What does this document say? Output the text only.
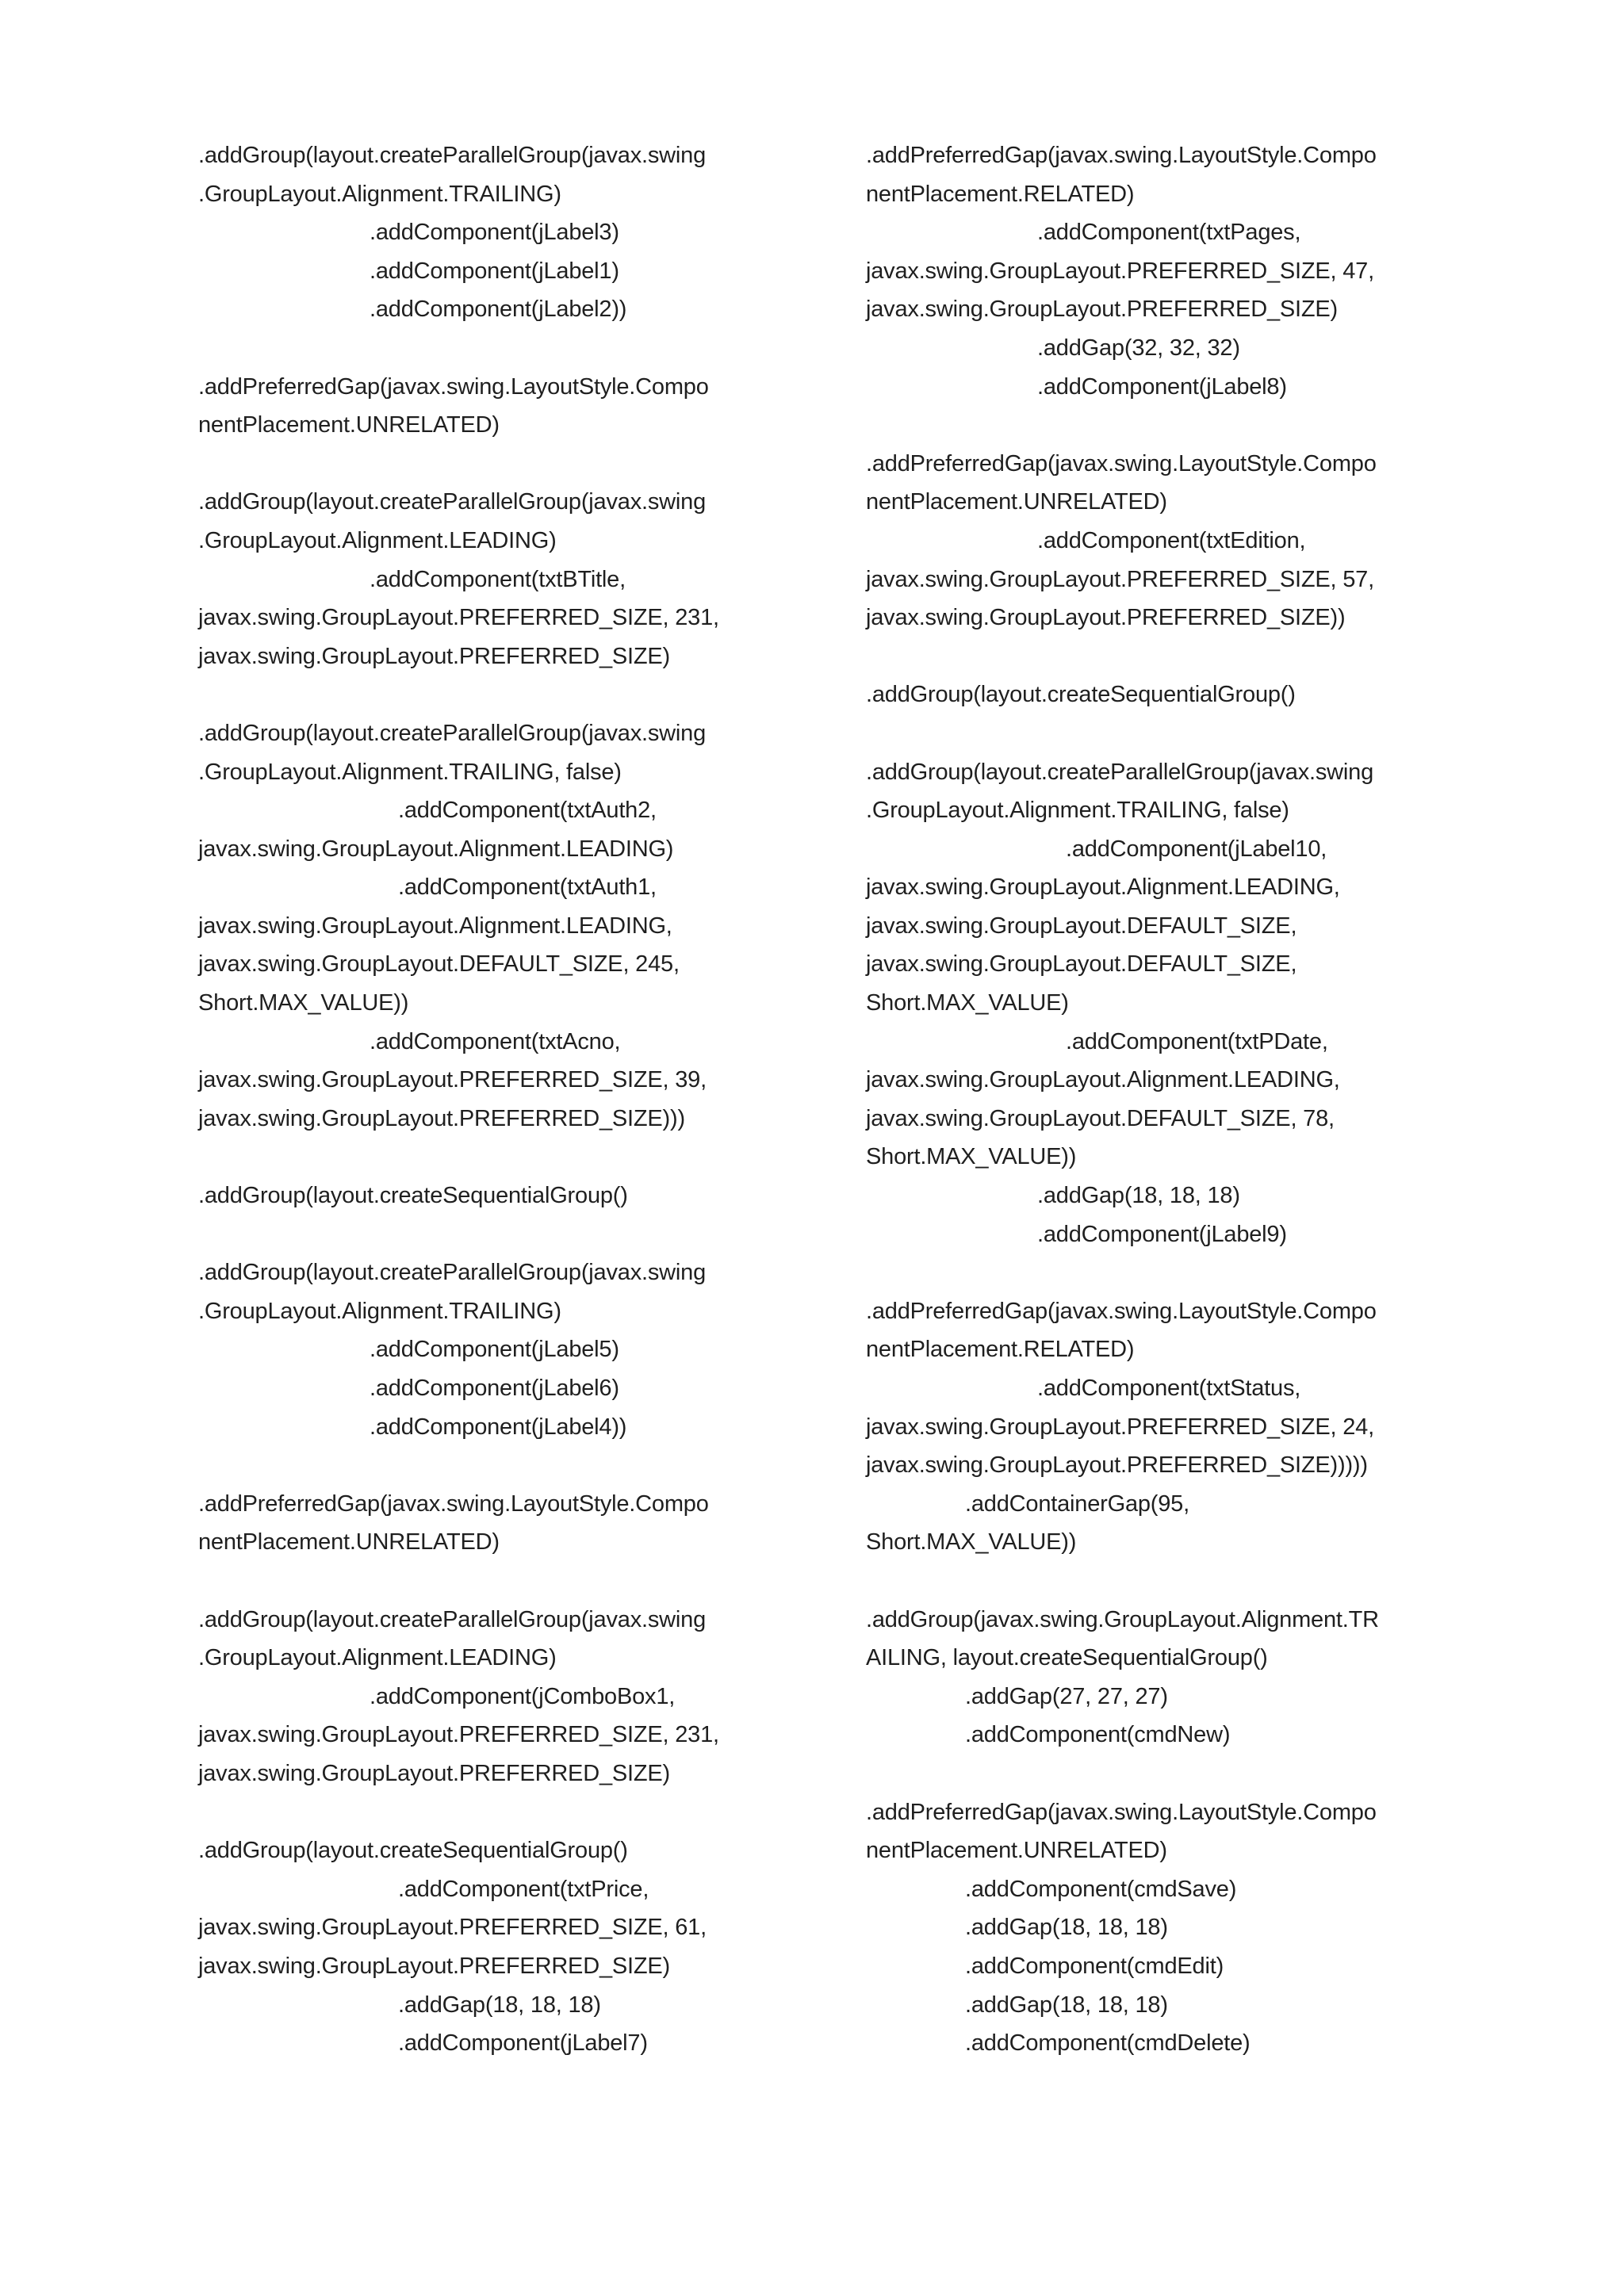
.addGroup(layout.createParallelGroup(javax.swing
.GroupLayout.Alignment.TRAILING)
.addComponent(jLabel3)
.addComponent(jLabel1)
.addComponent(jLabel2))
.addPreferredGap(javax.swing.LayoutStyle.Compo
nentPlacement.UNRELATED)
.addGroup(layout.createParallelGroup(javax.swing
.GroupLayout.Alignment.LEADING)
.addComponent(txtBTitle,
javax.swing.GroupLayout.PREFERRED_SIZE, 231,
javax.swing.GroupLayout.PREFERRED_SIZE)
.addGroup(layout.createParallelGroup(javax.swing
.GroupLayout.Alignment.TRAILING, false)
.addComponent(txtAuth2,
javax.swing.GroupLayout.Alignment.LEADING)
.addComponent(txtAuth1,
javax.swing.GroupLayout.Alignment.LEADING,
javax.swing.GroupLayout.DEFAULT_SIZE, 245,
Short.MAX_VALUE))
.addComponent(txtAcno,
javax.swing.GroupLayout.PREFERRED_SIZE, 39,
javax.swing.GroupLayout.PREFERRED_SIZE)))
.addGroup(layout.createSequentialGroup()
.addGroup(layout.createParallelGroup(javax.swing
.GroupLayout.Alignment.TRAILING)
.addComponent(jLabel5)
.addComponent(jLabel6)
.addComponent(jLabel4))
.addPreferredGap(javax.swing.LayoutStyle.Compo
nentPlacement.UNRELATED)
.addGroup(layout.createParallelGroup(javax.swing
.GroupLayout.Alignment.LEADING)
.addComponent(jComboBox1,
javax.swing.GroupLayout.PREFERRED_SIZE, 231,
javax.swing.GroupLayout.PREFERRED_SIZE)
.addGroup(layout.createSequentialGroup()
.addComponent(txtPrice,
javax.swing.GroupLayout.PREFERRED_SIZE, 61,
javax.swing.GroupLayout.PREFERRED_SIZE)
.addGap(18, 18, 18)
.addComponent(jLabel7)
.addPreferredGap(javax.swing.LayoutStyle.Compo
nentPlacement.RELATED)
.addComponent(txtPages,
javax.swing.GroupLayout.PREFERRED_SIZE, 47,
javax.swing.GroupLayout.PREFERRED_SIZE)
.addGap(32, 32, 32)
.addComponent(jLabel8)
.addPreferredGap(javax.swing.LayoutStyle.Compo
nentPlacement.UNRELATED)
.addComponent(txtEdition,
javax.swing.GroupLayout.PREFERRED_SIZE, 57,
javax.swing.GroupLayout.PREFERRED_SIZE))
.addGroup(layout.createSequentialGroup()
.addGroup(layout.createParallelGroup(javax.swing
.GroupLayout.Alignment.TRAILING, false)
.addComponent(jLabel10,
javax.swing.GroupLayout.Alignment.LEADING,
javax.swing.GroupLayout.DEFAULT_SIZE,
javax.swing.GroupLayout.DEFAULT_SIZE,
Short.MAX_VALUE)
.addComponent(txtPDate,
javax.swing.GroupLayout.Alignment.LEADING,
javax.swing.GroupLayout.DEFAULT_SIZE, 78,
Short.MAX_VALUE))
.addGap(18, 18, 18)
.addComponent(jLabel9)
.addPreferredGap(javax.swing.LayoutStyle.Compo
nentPlacement.RELATED)
.addComponent(txtStatus,
javax.swing.GroupLayout.PREFERRED_SIZE, 24,
javax.swing.GroupLayout.PREFERRED_SIZE)))))
.addContainerGap(95,
Short.MAX_VALUE))
.addGroup(javax.swing.GroupLayout.Alignment.TR
AILING, layout.createSequentialGroup()
.addGap(27, 27, 27)
.addComponent(cmdNew)
.addPreferredGap(javax.swing.LayoutStyle.Compo
nentPlacement.UNRELATED)
.addComponent(cmdSave)
.addGap(18, 18, 18)
.addComponent(cmdEdit)
.addGap(18, 18, 18)
.addComponent(cmdDelete)
